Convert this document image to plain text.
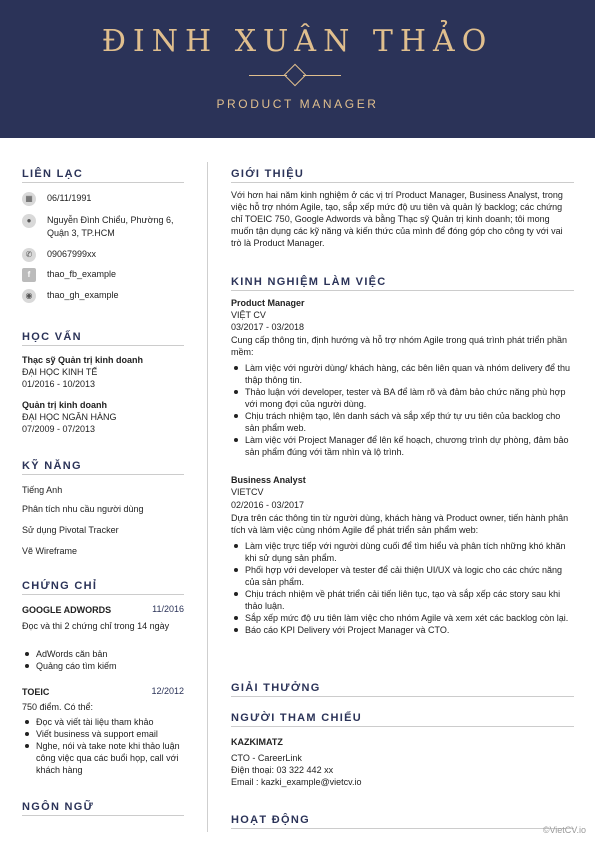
ĐINH XUÂN THẢO
PRODUCT MANAGER
LIÊN LẠC
▦	06/11/1991
●	Nguyễn Đình Chiểu, Phường 6, Quận 3, TP.HCM
✆	09067999xx
f	thao_fb_example
◉	thao_gh_example
HỌC VẤN
Thạc sỹ Quản trị kinh doanh
ĐẠI HỌC KINH TẾ
01/2016 - 10/2013
Quản trị kinh doanh
ĐẠI HỌC NGÂN HÀNG
07/2009 - 07/2013
KỸ NĂNG
Tiếng Anh
Phân tích nhu cầu người dùng
Sử dụng Pivotal Tracker
Vẽ Wireframe
CHỨNG CHỈ
GOOGLE ADWORDS	11/2016
Đọc và thi 2 chứng chỉ trong 14 ngày
AdWords căn bản
Quảng cáo tìm kiếm
TOEIC	12/2012
750 điểm. Có thể:
Đọc và viết tài liệu tham khảo
Viết business và support email
Nghe, nói và take note khi thảo luận công việc qua các buổi họp, call với khách hàng
NGÔN NGỮ
GIỚI THIỆU
Với hơn hai năm kinh nghiệm ở các vị trí Product Manager, Business Analyst, trong việc hỗ trợ nhóm Agile, tạo, sắp xếp mức độ ưu tiên và quản lý backlog; các chứng chỉ TOEIC 750, Google Adwords và bằng Thạc sỹ Quản trị kinh doanh; tôi mong muốn tận dụng các kỹ năng và kiến thức của mình để đóng góp cho công ty với vai trò là Product Manager.
KINH NGHIỆM LÀM VIỆC
Product Manager
VIỆT CV
03/2017 - 03/2018
Cung cấp thông tin, định hướng và hỗ trợ nhóm Agile trong quá trình phát triển phần mềm:
Làm việc với người dùng/ khách hàng, các bên liên quan và nhóm delivery để thu thập thông tin.
Thảo luận với developer, tester và BA để làm rõ và đảm bảo chức năng phù hợp với mong đợi của người dùng.
Chịu trách nhiệm tạo, lên danh sách và sắp xếp thứ tự ưu tiên của backlog cho sản phẩm web.
Làm việc với Project Manager để lên kế hoạch, chương trình dự phòng, đảm bảo sản phẩm đúng với tầm nhìn và lộ trình.
Business Analyst
VIETCV
02/2016 - 03/2017
Dựa trên các thông tin từ người dùng, khách hàng và Product owner, tiến hành phân tích và làm việc cùng nhóm Agile để phát triển sản phẩm web:
Làm việc trực tiếp với người dùng cuối để tìm hiểu và phân tích những khó khăn khi sử dụng sản phẩm.
Phối hợp với developer và tester để cải thiện UI/UX và logic cho các chức năng của sản phẩm.
Chịu trách nhiệm về phát triển cải tiến liên tục, tạo và sắp xếp các story sau khi thảo luận.
Sắp xếp mức độ ưu tiên làm việc cho nhóm Agile và xem xét các backlog còn lại.
Báo cáo KPI Delivery với Project Manager và CTO.
GIẢI THƯỞNG
NGƯỜI THAM CHIẾU
KAZKIMATZ
CTO - CareerLink
Điện thoại: 03 322 442 xx
Email : kazki_example@vietcv.io
HOẠT ĐỘNG
©VietCV.io
